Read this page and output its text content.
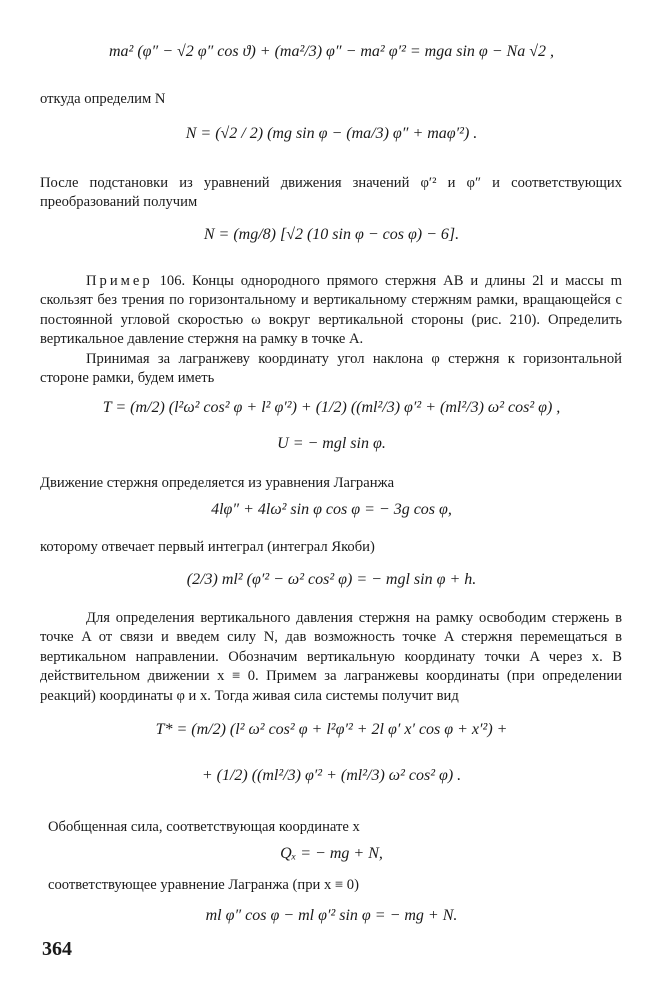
ma² (φ″ − √2 φ″ cos ϑ) + (ma²/3) φ″ − ma² φ′² = mga sin φ − Na √2 ,
откуда определим N
N = (√2 / 2) (mg sin φ − (ma/3) φ″ + maφ′²) .
После подстановки из уравнений движения значений φ′² и φ″ и соответствующих преобразований получим
N = (mg/8) [√2 (10 sin φ − cos φ) − 6].
Пример 106. Концы однородного прямого стержня AB и длины 2l и массы m скользят без трения по горизонтальному и вертикальному стержням рамки, вращающейся с постоянной угловой скоростью ω вокруг вертикальной стороны (рис. 210). Определить вертикальное давление стержня на рамку в точке A.
Принимая за лагранжеву координату угол наклона φ стержня к горизонтальной стороне рамки, будем иметь
T = (m/2) (l²ω² cos² φ + l² φ′²) + (1/2) ((ml²/3) φ′² + (ml²/3) ω² cos² φ) ,
U = − mgl sin φ.
Движение стержня определяется из уравнения Лагранжа
4lφ″ + 4lω² sin φ cos φ = − 3g cos φ,
которому отвечает первый интеграл (интеграл Якоби)
(2/3) ml² (φ′² − ω² cos² φ) = − mgl sin φ + h.
Для определения вертикального давления стержня на рамку освободим стержень в точке A от связи и введем силу N, дав возможность точке A стержня перемещаться в вертикальном направлении. Обозначим вертикальную координату точки A через x. В действительном движении x ≡ 0. Примем за лагранжевы координаты (при определении реакций) координаты φ и x. Тогда живая сила системы получит вид
T* = (m/2) (l² ω² cos² φ + l²φ′² + 2l φ′ x′ cos φ + x′²) +
+ (1/2) ((ml²/3) φ′² + (ml²/3) ω² cos² φ) .
Обобщенная сила, соответствующая координате x
Qₓ = − mg + N,
соответствующее уравнение Лагранжа (при x ≡ 0)
ml φ″ cos φ − ml φ′² sin φ = − mg + N.
364
